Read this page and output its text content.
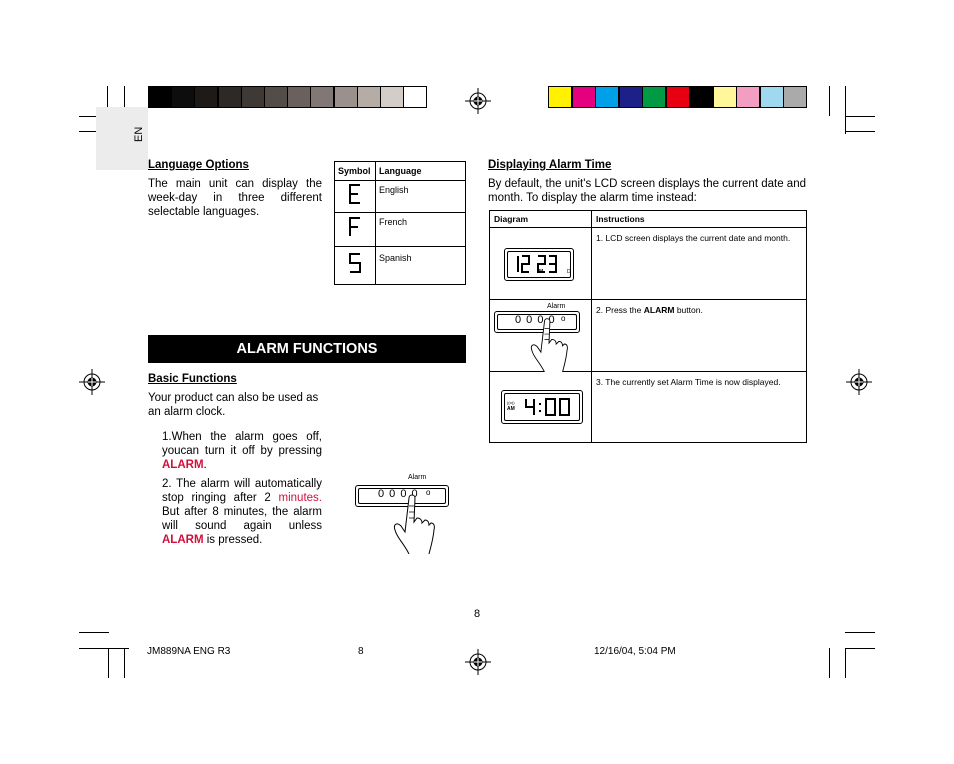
EN
Language Options
The main unit can display the week-day in three different selectable languages.
Symbol	Language
	English
	French
	Spanish
ALARM FUNCTIONS
Basic Functions
Your product can also be used as an alarm clock.
1.When the alarm goes off, youcan turn it off by pressing ALARM.
2. The alarm will automatically stop ringing after 2 minutes. But after 8 minutes, the alarm will sound again unless ALARM is pressed.
Alarm
0 0 0 0 o
Displaying Alarm Time
By default, the unit's LCD screen displays the current date and month. To display the alarm time instead:
Diagram	Instructions

M D	1. LCD screen displays the current date and month.

Alarm
0 0 0 0 o	2. Press the ALARM button.

((o))
AM	3. The currently set Alarm Time is now displayed.
8
JM889NA ENG R3	8	12/16/04, 5:04 PM
